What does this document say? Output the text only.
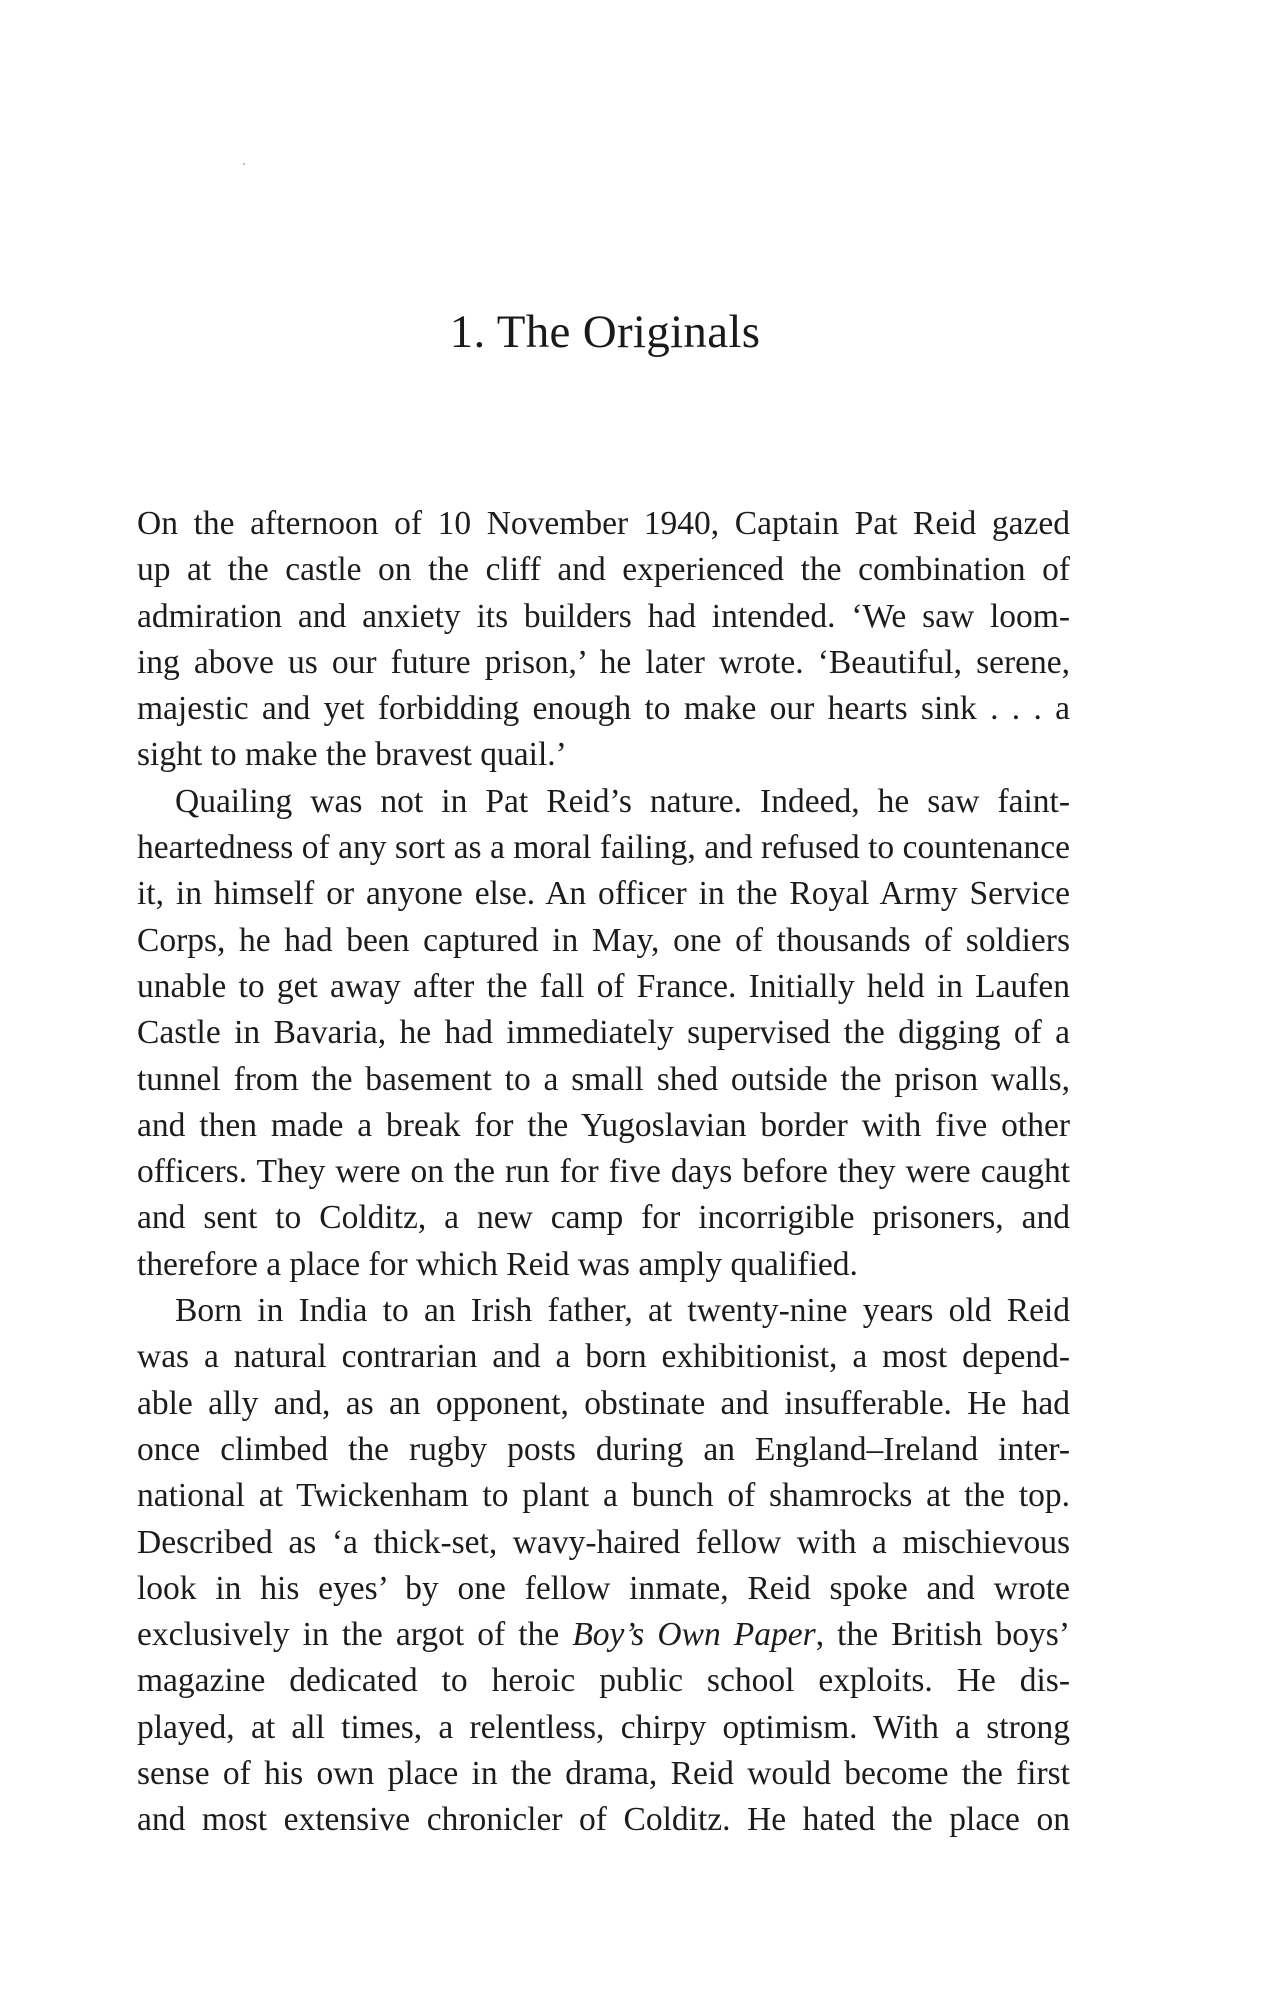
1. The Originals
On the afternoon of 10 November 1940, Captain Pat Reid gazed
up at the castle on the cliff and experienced the combination of
admiration and anxiety its builders had intended. ‘We saw loom-
ing above us our future prison,’ he later wrote. ‘Beautiful, serene,
majestic and yet forbidding enough to make our hearts sink . . . a
sight to make the bravest quail.’
Quailing was not in Pat Reid’s nature. Indeed, he saw faint-
heartedness of any sort as a moral failing, and refused to countenance
it, in himself or anyone else. An officer in the Royal Army Service
Corps, he had been captured in May, one of thousands of soldiers
unable to get away after the fall of France. Initially held in Laufen
Castle in Bavaria, he had immediately supervised the digging of a
tunnel from the basement to a small shed outside the prison walls,
and then made a break for the Yugoslavian border with five other
officers. They were on the run for five days before they were caught
and sent to Colditz, a new camp for incorrigible prisoners, and
therefore a place for which Reid was amply qualified.
Born in India to an Irish father, at twenty-nine years old Reid
was a natural contrarian and a born exhibitionist, a most depend-
able ally and, as an opponent, obstinate and insufferable. He had
once climbed the rugby posts during an England–Ireland inter-
national at Twickenham to plant a bunch of shamrocks at the top.
Described as ‘a thick-set, wavy-haired fellow with a mischievous
look in his eyes’ by one fellow inmate, Reid spoke and wrote
exclusively in the argot of the Boy’s Own Paper, the British boys’
magazine dedicated to heroic public school exploits. He dis-
played, at all times, a relentless, chirpy optimism. With a strong
sense of his own place in the drama, Reid would become the first
and most extensive chronicler of Colditz. He hated the place on
